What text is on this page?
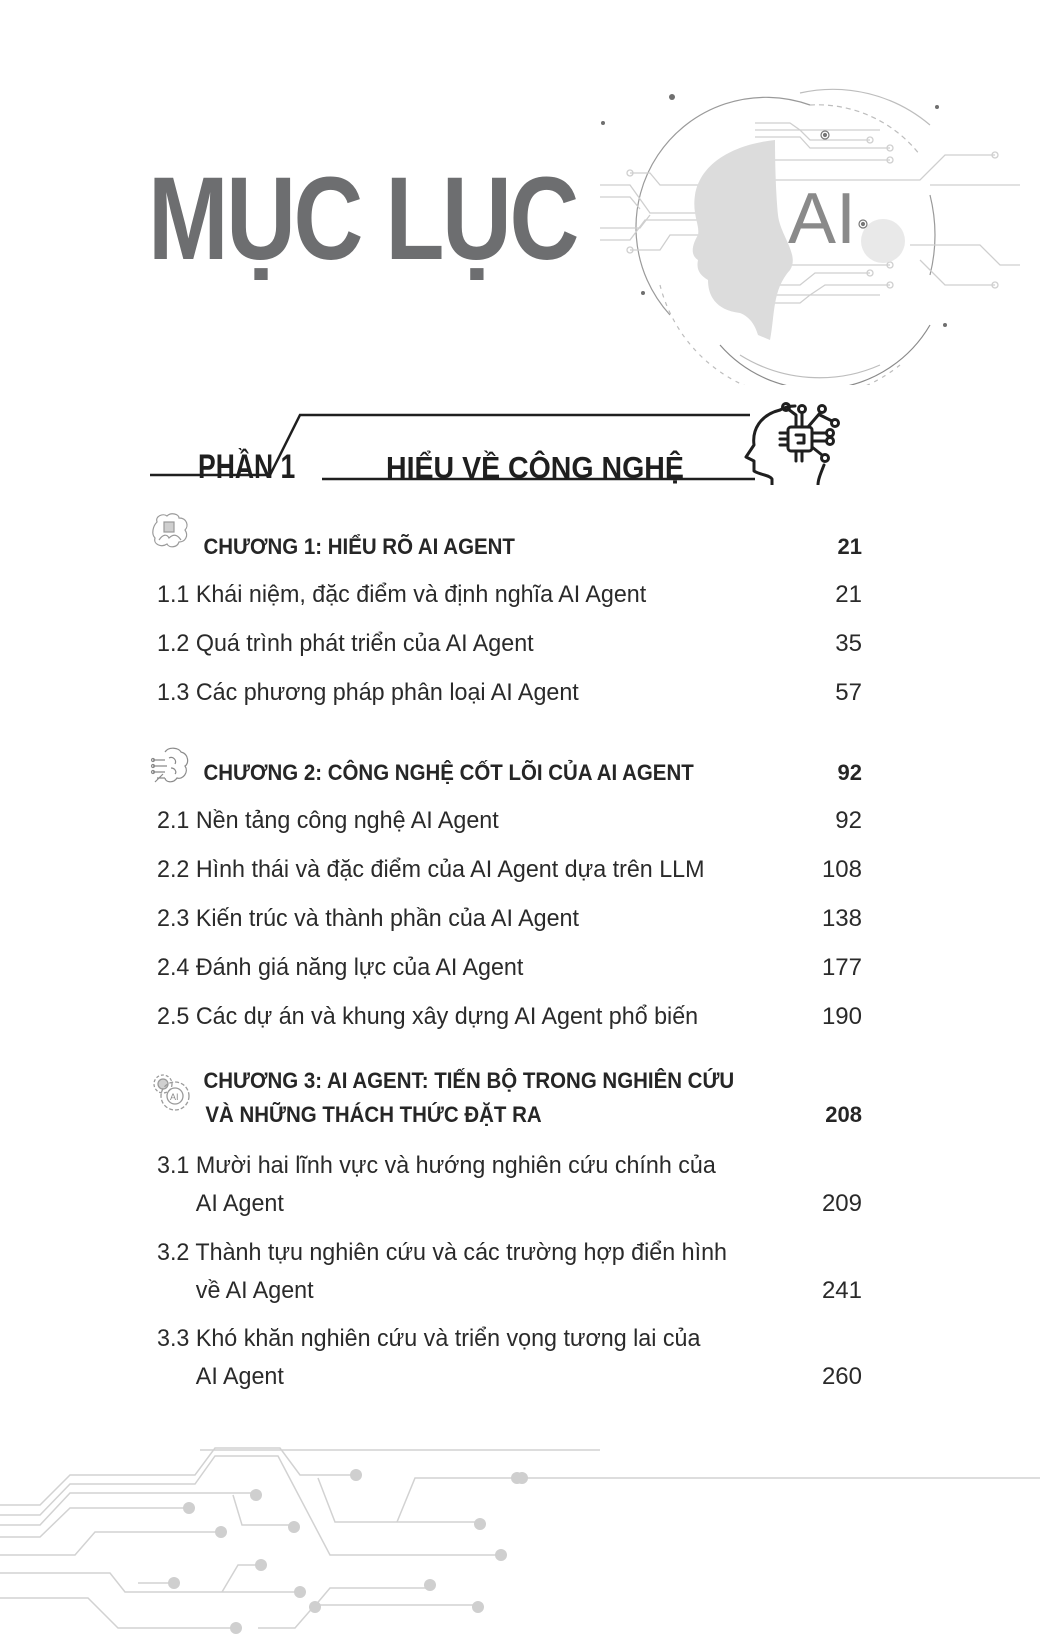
MỤC LỤC	AI
PHẦN 1	HIỂU VỀ CÔNG NGHỆ
CHƯƠNG 1: HIỂU RÕ AI AGENT	21
1.1 Khái niệm, đặc điểm và định nghĩa AI Agent	21
1.2 Quá trình phát triển của AI Agent	35
1.3 Các phương pháp phân loại AI Agent	57
CHƯƠNG 2: CÔNG NGHỆ CỐT LÕI CỦA AI AGENT	92
2.1 Nền tảng công nghệ AI Agent	92
2.2 Hình thái và đặc điểm của AI Agent dựa trên LLM	108
2.3 Kiến trúc và thành phần của AI Agent	138
2.4 Đánh giá năng lực của AI Agent	177
2.5 Các dự án và khung xây dựng AI Agent phổ biến	190
AI
CHƯƠNG 3: AI AGENT: TIẾN BỘ TRONG NGHIÊN CỨU
VÀ NHỮNG THÁCH THỨC ĐẶT RA	208
3.1 Mười hai lĩnh vực và hướng nghiên cứu chính của
AI Agent	209
3.2 Thành tựu nghiên cứu và các trường hợp điển hình
về AI Agent	241
3.3 Khó khăn nghiên cứu và triển vọng tương lai của
AI Agent	260
